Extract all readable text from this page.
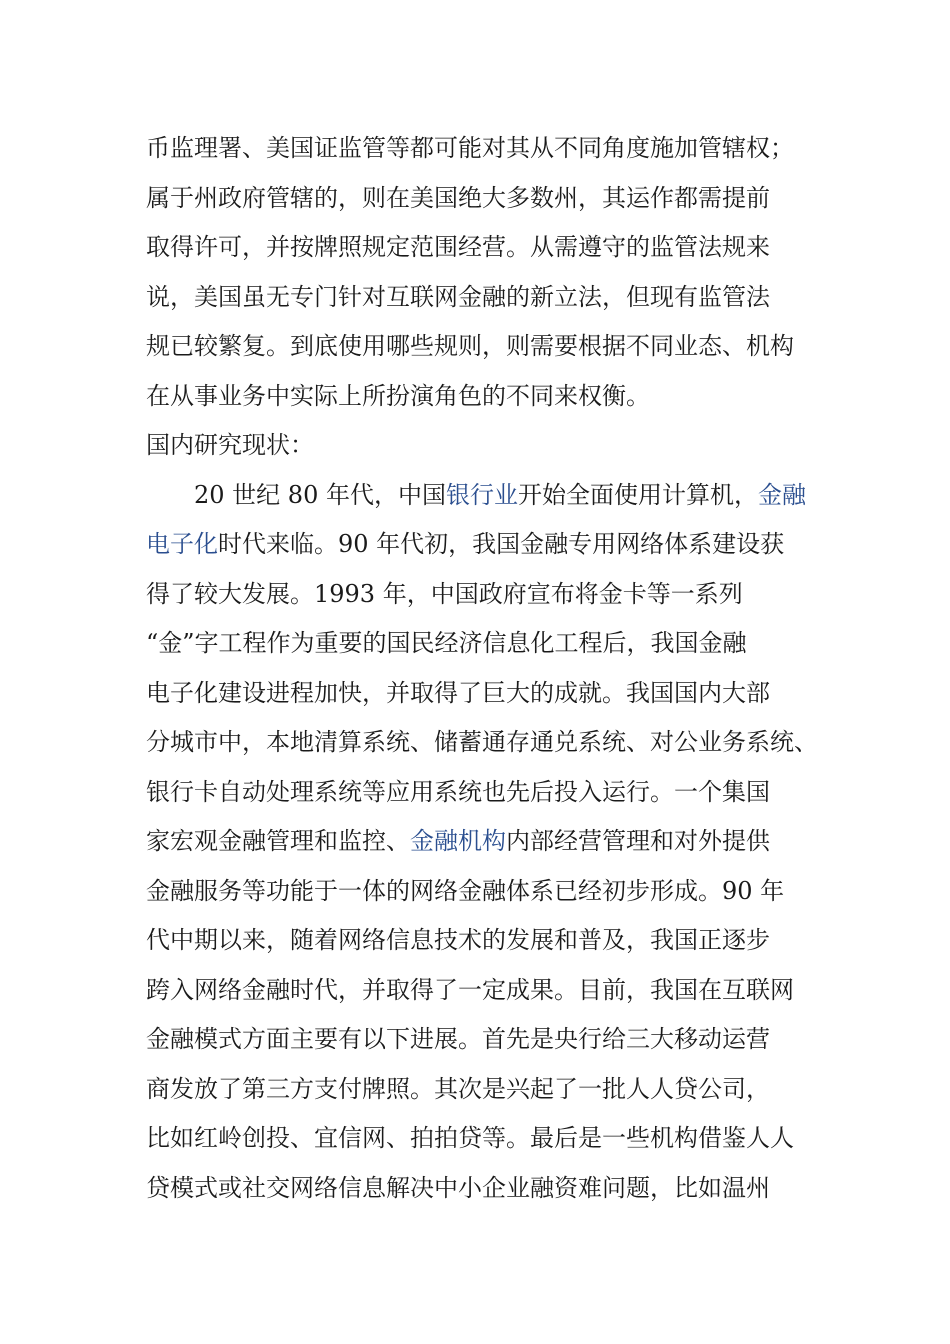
币监理署、美国证监管等都可能对其从不同角度施加管辖权；
属于州政府管辖的，则在美国绝大多数州，其运作都需提前
取得许可，并按牌照规定范围经营。从需遵守的监管法规来
说，美国虽无专门针对互联网金融的新立法，但现有监管法
规已较繁复。到底使用哪些规则，则需要根据不同业态、机构
在从事业务中实际上所扮演角色的不同来权衡。
国内研究现状：
20 世纪 80 年代，中国银行业开始全面使用计算机，金融
电子化时代来临。90 年代初，我国金融专用网络体系建设获
得了较大发展。1993 年，中国政府宣布将金卡等一系列
“金”字工程作为重要的国民经济信息化工程后，我国金融
电子化建设进程加快，并取得了巨大的成就。我国国内大部
分城市中，本地清算系统、储蓄通存通兑系统、对公业务系统、
银行卡自动处理系统等应用系统也先后投入运行。一个集国
家宏观金融管理和监控、金融机构内部经营管理和对外提供
金融服务等功能于一体的网络金融体系已经初步形成。90 年
代中期以来，随着网络信息技术的发展和普及，我国正逐步
跨入网络金融时代，并取得了一定成果。目前，我国在互联网
金融模式方面主要有以下进展。首先是央行给三大移动运营
商发放了第三方支付牌照。其次是兴起了一批人人贷公司，
比如红岭创投、宜信网、拍拍贷等。最后是一些机构借鉴人人
贷模式或社交网络信息解决中小企业融资难问题，比如温州
